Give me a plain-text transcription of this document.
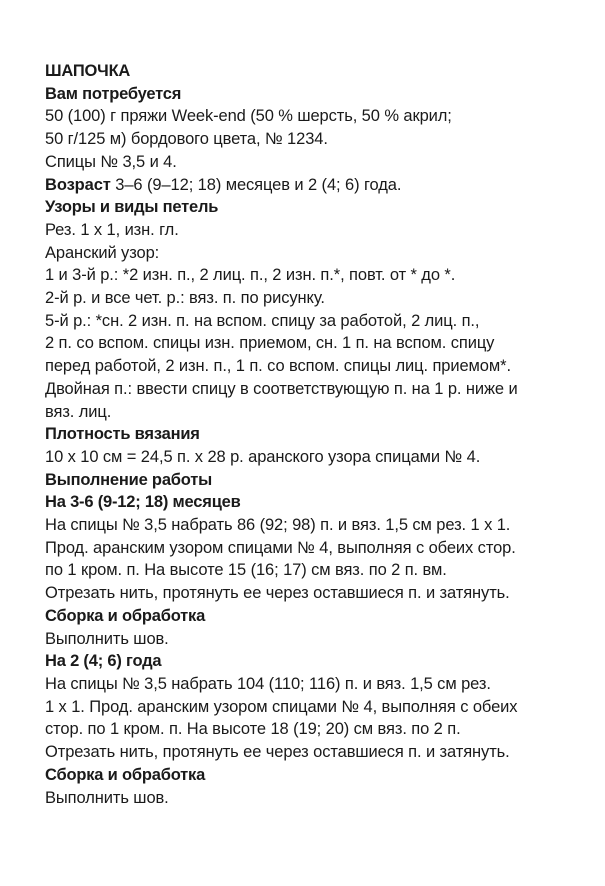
ШАПОЧКА
Вам потребуется
50 (100) г пряжи Week-end (50 % шерсть, 50 % акрил;
50 г/125 м) бордового цвета, № 1234.
Спицы № 3,5 и 4.
Возраст 3–6 (9–12; 18) месяцев и 2 (4; 6) года.
Узоры и виды петель
Рез. 1 х 1, изн. гл.
Аранский узор:
1 и 3-й р.: *2 изн. п., 2 лиц. п., 2 изн. п.*, повт. от * до *.
2-й р. и все чет. р.: вяз. п. по рисунку.
5-й р.: *сн. 2 изн. п. на вспом. спицу за работой, 2 лиц. п.,
2 п. со вспом. спицы изн. приемом, сн. 1 п. на вспом. спицу
перед работой, 2 изн. п., 1 п. со вспом. спицы лиц. приемом*.
Двойная п.: ввести спицу в соответствующую п. на 1 р. ниже и
вяз. лиц.
Плотность вязания
10 х 10 см = 24,5 п. х 28 р. аранского узора спицами № 4.
Выполнение работы
На 3-6 (9-12; 18) месяцев
На спицы № 3,5 набрать 86 (92; 98) п. и вяз. 1,5 см рез. 1 х 1.
Прод. аранским узором спицами № 4, выполняя с обеих стор.
по 1 кром. п. На высоте 15 (16; 17) см вяз. по 2 п. вм.
Отрезать нить, протянуть ее через оставшиеся п. и затянуть.
Сборка и обработка
Выполнить шов.
На 2 (4; 6) года
На спицы № 3,5 набрать 104 (110; 116) п. и вяз. 1,5 см рез.
1 х 1. Прод. аранским узором спицами № 4, выполняя с обеих
стор. по 1 кром. п. На высоте 18 (19; 20) см вяз. по 2 п.
Отрезать нить, протянуть ее через оставшиеся п. и затянуть.
Сборка и обработка
Выполнить шов.
